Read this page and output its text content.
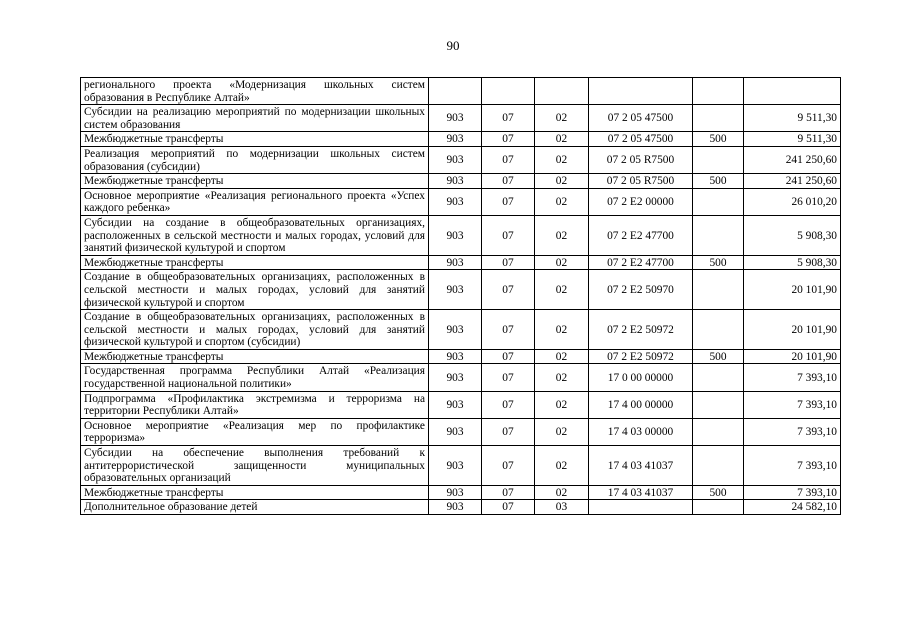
90
регионального проекта «Модернизация школьных систем образования в Республике Алтай»						
Субсидии на реализацию мероприятий по модернизации школьных систем образования	903	07	02	07 2 05 47500		9 511,30
Межбюджетные трансферты	903	07	02	07 2 05 47500	500	9 511,30
Реализация мероприятий по модернизации школьных систем образования (субсидии)	903	07	02	07 2 05 R7500		241 250,60
Межбюджетные трансферты	903	07	02	07 2 05 R7500	500	241 250,60
Основное мероприятие «Реализация регионального проекта «Успех каждого ребенка»	903	07	02	07 2 E2 00000		26 010,20
Субсидии на создание в общеобразовательных организациях, расположенных в сельской местности и малых городах, условий для занятий физической культурой и спортом	903	07	02	07 2 E2 47700		5 908,30
Межбюджетные трансферты	903	07	02	07 2 E2 47700	500	5 908,30
Создание в общеобразовательных организациях, расположенных в сельской местности и малых городах, условий для занятий физической культурой и спортом	903	07	02	07 2 E2 50970		20 101,90
Создание в общеобразовательных организациях, расположенных в сельской местности и малых городах, условий для занятий физической культурой и спортом (субсидии)	903	07	02	07 2 E2 50972		20 101,90
Межбюджетные трансферты	903	07	02	07 2 E2 50972	500	20 101,90
Государственная программа Республики Алтай «Реализация государственной национальной политики»	903	07	02	17 0 00 00000		7 393,10
Подпрограмма «Профилактика экстремизма и терроризма на территории Республики Алтай»	903	07	02	17 4 00 00000		7 393,10
Основное мероприятие «Реализация мер по профилактике терроризма»	903	07	02	17 4 03 00000		7 393,10
Субсидии на обеспечение выполнения требований к антитеррористической защищенности муниципальных образовательных организаций	903	07	02	17 4 03 41037		7 393,10
Межбюджетные трансферты	903	07	02	17 4 03 41037	500	7 393,10
Дополнительное образование детей	903	07	03			24 582,10
